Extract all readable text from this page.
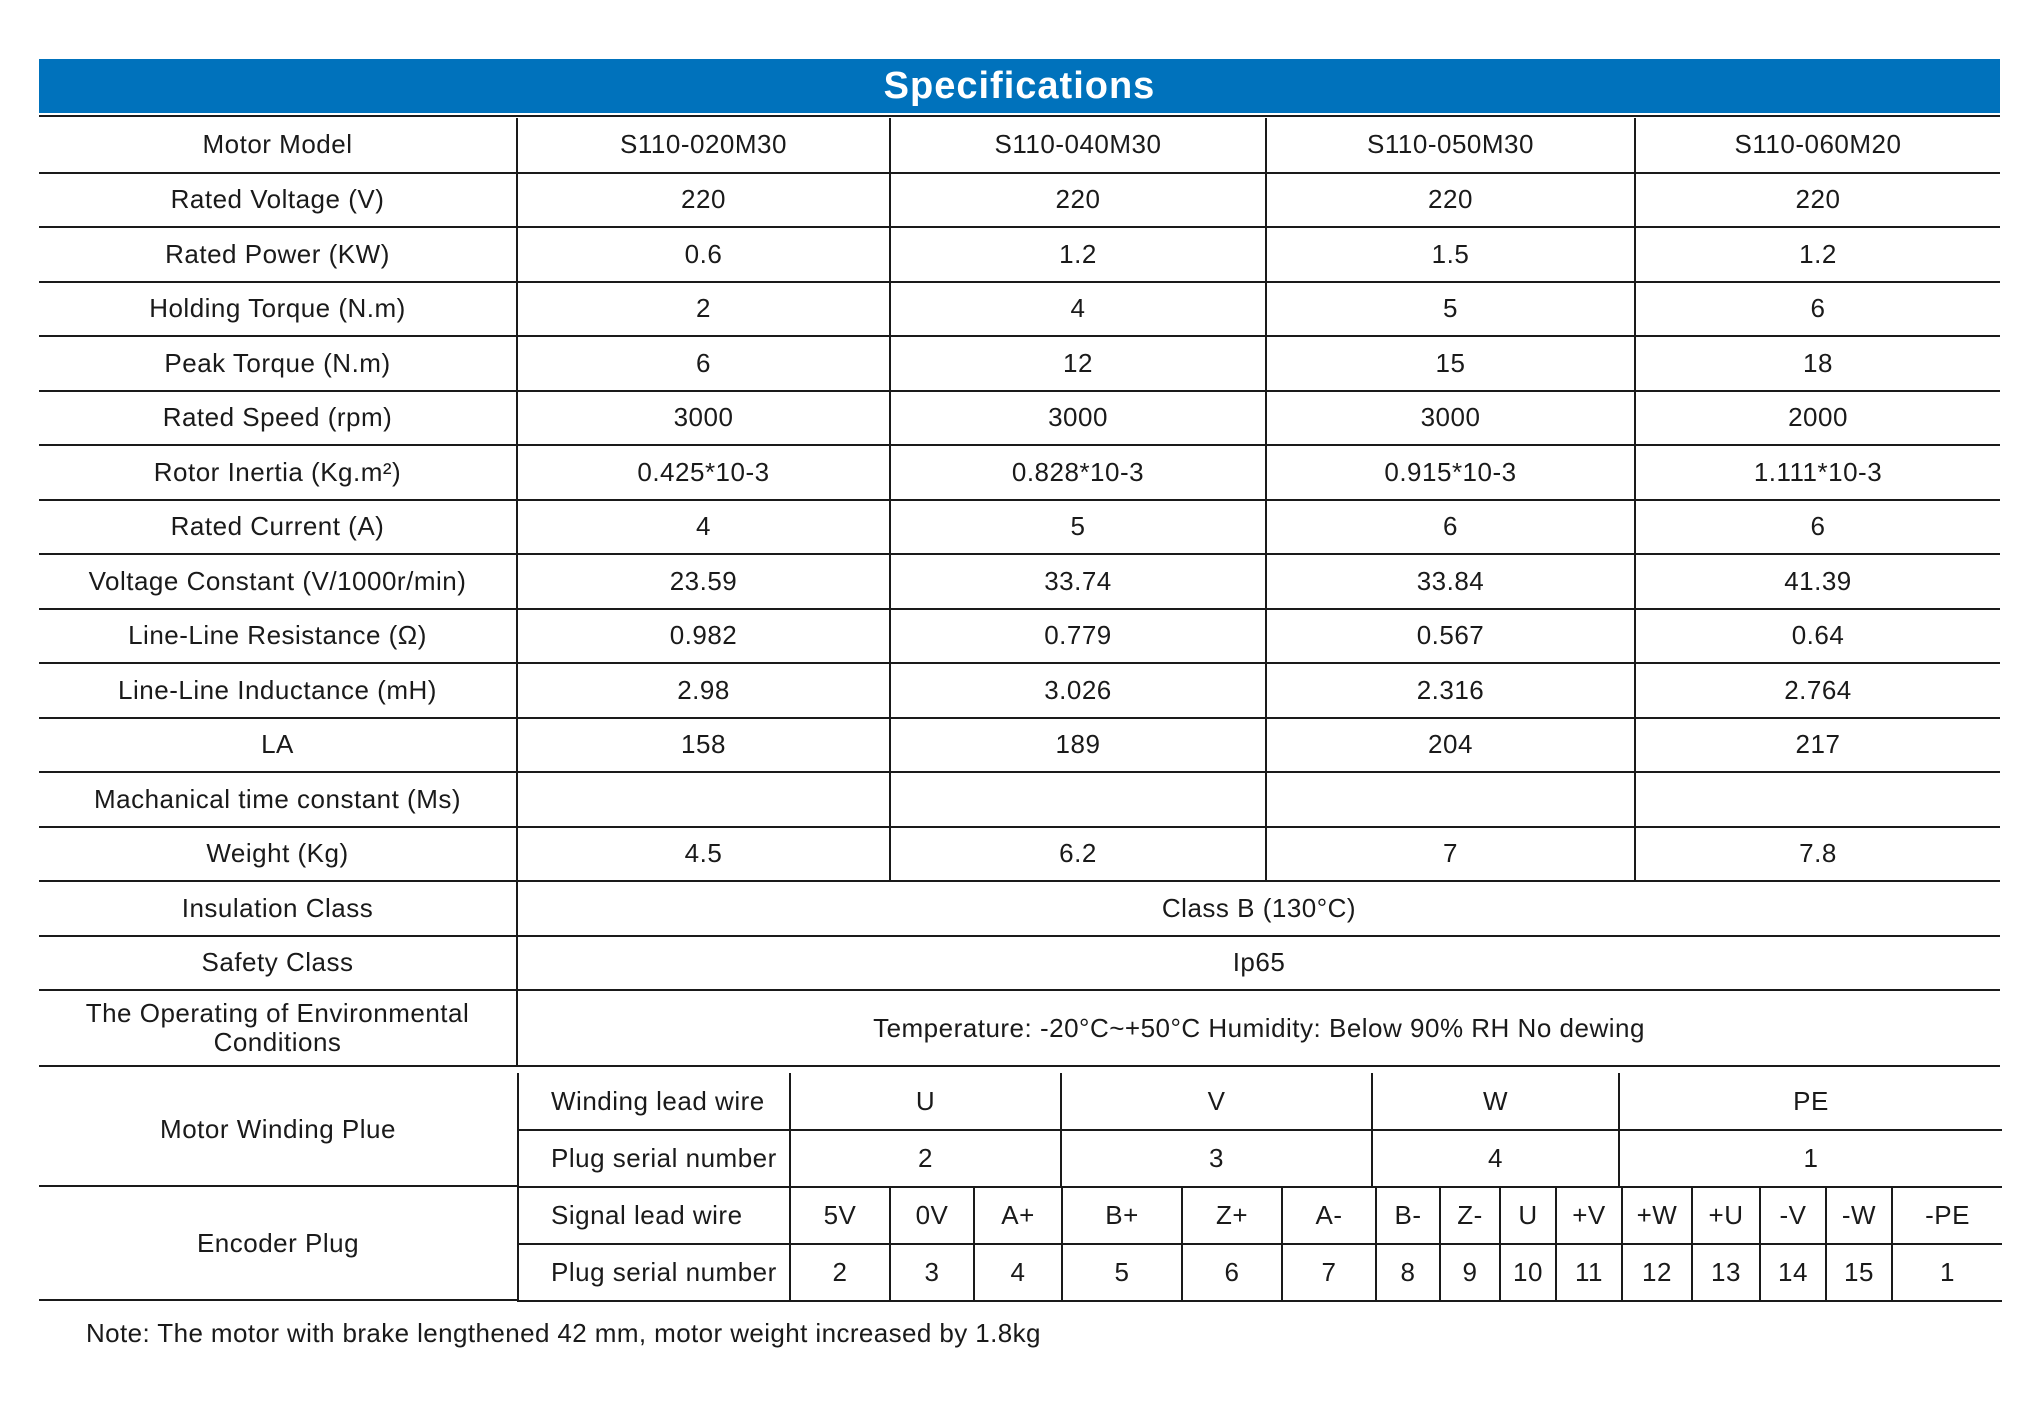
Specifications
Motor Model	S110-020M30	S110-040M30	S110-050M30	S110-060M20
Rated Voltage (V)	220	220	220	220
Rated Power (KW)	0.6	1.2	1.5	1.2
Holding Torque (N.m)	2	4	5	6
Peak Torque (N.m)	6	12	15	18
Rated Speed (rpm)	3000	3000	3000	2000
Rotor Inertia (Kg.m²)	0.425*10-3	0.828*10-3	0.915*10-3	1.111*10-3
Rated Current (A)	4	5	6	6
Voltage Constant (V/1000r/min)	23.59	33.74	33.84	41.39
Line-Line Resistance (Ω)	0.982	0.779	0.567	0.64
Line-Line Inductance (mH)	2.98	3.026	2.316	2.764
LA	158	189	204	217
Machanical time constant (Ms)				
Weight (Kg)	4.5	6.2	7	7.8
Insulation Class	Class B (130°C)			
Safety Class	Ip65			
The Operating of Environmental Conditions	Temperature: -20°C~+50°C Humidity: Below 90% RH No dewing			
Motor Winding Plue
Winding lead wire	U	V	W	PE
Plug serial number	2	3	4	1
Encoder Plug
Signal lead wire	5V	0V	A+	B+	Z+	A-	B-	Z-	U	+V	+W	+U	-V	-W	-PE
Plug serial number	2	3	4	5	6	7	8	9	10	11	12	13	14	15	1
Note: The motor with brake lengthened 42 mm, motor weight increased by 1.8kg
